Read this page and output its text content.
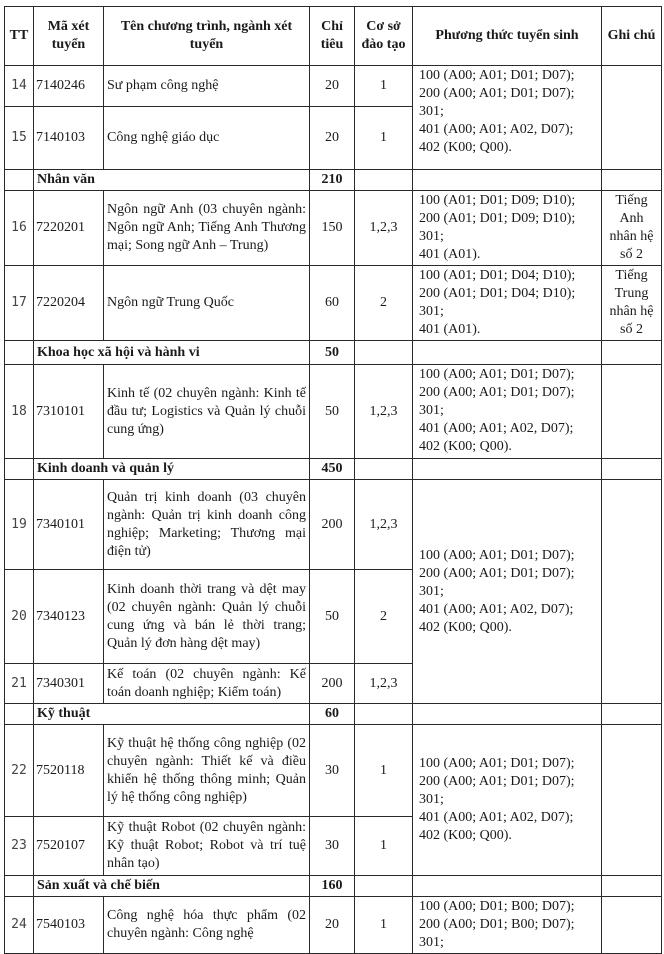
TT	Mã xét tuyển	Tên chương trình, ngành xét tuyển	Chỉ tiêu	Cơ sở đào tạo	Phương thức tuyển sinh	Ghi chú
14	7140246	Sư phạm công nghệ	20	1	100 (A00; A01; D01; D07);
200 (A00; A01; D01; D07);
301;
401 (A00; A01; A02, D07);
402 (K00; Q00).	

15	7140103	Công nghệ giáo dục	20	1		
	Nhân văn		210			
16	7220201	Ngôn ngữ Anh (03 chuyên ngành: Ngôn ngữ Anh; Tiếng Anh Thương mại; Song ngữ Anh – Trung)	150	1,2,3	100 (A01; D01; D09; D10);
200 (A01; D01; D09; D10);
301;
401 (A01).	Tiếng Anh nhân hệ số 2
17	7220204	Ngôn ngữ Trung Quốc	60	2	100 (A01; D01; D04; D10);
200 (A01; D01; D04; D10);
301;
401 (A01).	Tiếng Trung nhân hệ số 2
	Khoa học xã hội và hành vi		50			
18	7310101	Kinh tế (02 chuyên ngành: Kinh tế đầu tư; Logistics và Quản lý chuỗi cung ứng)	50	1,2,3	100 (A00; A01; D01; D07);
200 (A00; A01; D01; D07);
301;
401 (A00; A01; A02, D07);
402 (K00; Q00).	

	Kinh doanh và quản lý		450			
19	7340101	Quản trị kinh doanh (03 chuyên ngành: Quản trị kinh doanh công nghiệp; Marketing; Thương mại điện tử)	200	1,2,3	100 (A00; A01; D01; D07);
200 (A00; A01; D01; D07);
301;
401 (A00; A01; A02, D07);
402 (K00; Q00).	

20	7340123	Kinh doanh thời trang và dệt may (02 chuyên ngành: Quản lý chuỗi cung ứng và bán lẻ thời trang; Quản lý đơn hàng dệt may)	50	2		
21	7340301	Kế toán (02 chuyên ngành: Kế toán doanh nghiệp; Kiểm toán)	200	1,2,3		
	Kỹ thuật		60			
22	7520118	Kỹ thuật hệ thống công nghiệp (02 chuyên ngành: Thiết kế và điều khiển hệ thống thông minh; Quản lý hệ thống công nghiệp)	30	1	100 (A00; A01; D01; D07);
200 (A00; A01; D01; D07);
301;
401 (A00; A01; A02, D07);
402 (K00; Q00).	

23	7520107	Kỹ thuật Robot (02 chuyên ngành: Kỹ thuật Robot; Robot và trí tuệ nhân tạo)	30	1		
	Sản xuất và chế biến		160			
24	7540103	Công nghệ hóa thực phẩm (02 chuyên ngành: Công nghệ	20	1	100 (A00; D01; B00; D07);
200 (A00; D01; B00; D07);
301;	
